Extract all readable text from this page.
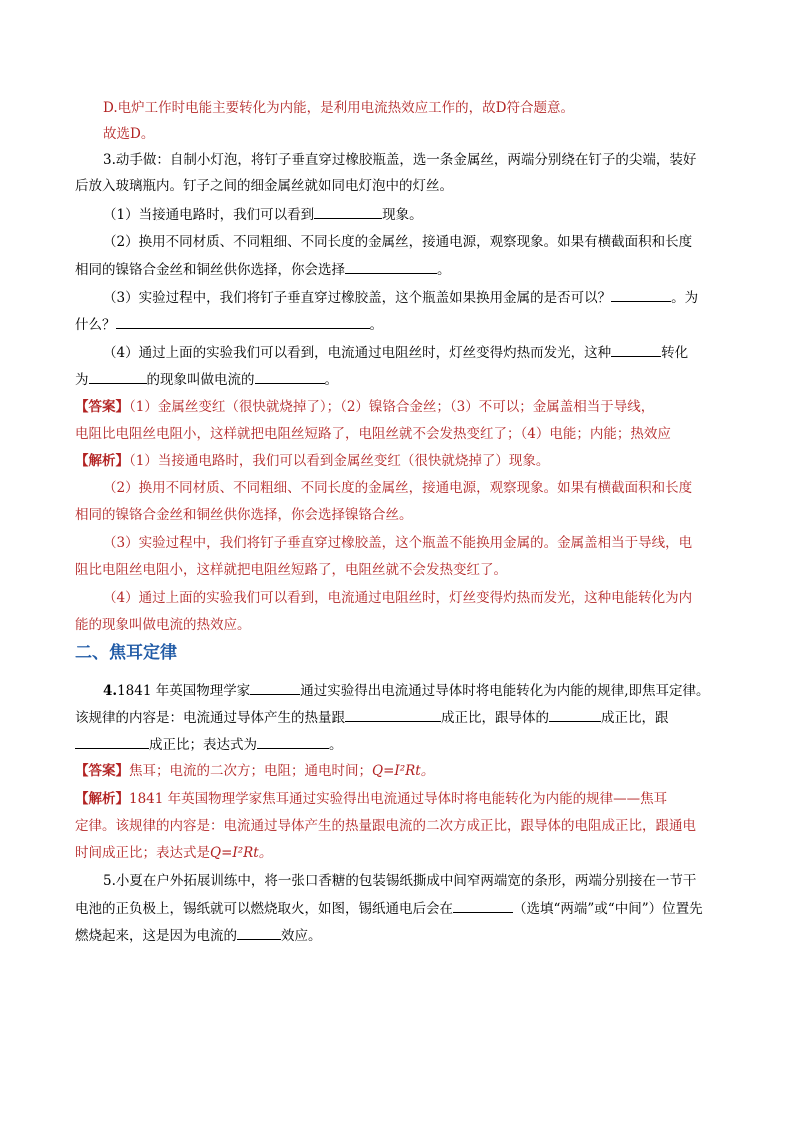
D.电炉工作时电能主要转化为内能，是利用电流热效应工作的，故D符合题意。
故选D。
3.动手做：自制小灯泡，将钉子垂直穿过橡胶瓶盖，选一条金属丝，两端分别绕在钉子的尖端，装好
后放入玻璃瓶内。钉子之间的细金属丝就如同电灯泡中的灯丝。
（1）当接通电路时，我们可以看到	现象。
（2）换用不同材质、不同粗细、不同长度的金属丝，接通电源，观察现象。如果有横截面积和长度
相同的镍铬合金丝和铜丝供你选择，你会选择	。
（3）实验过程中，我们将钉子垂直穿过橡胶盖，这个瓶盖如果换用金属的是否可以？	。为
什么？	。
（4）通过上面的实验我们可以看到，电流通过电阻丝时，灯丝变得灼热而发光，这种	转化
为	的现象叫做电流的	。
【答案】（1）金属丝变红（很快就烧掉了）；（2）镍铬合金丝；（3）不可以；金属盖相当于导线，
电阻比电阻丝电阻小，这样就把电阻丝短路了，电阻丝就不会发热变红了；（4）电能；内能；热效应
【解析】（1）当接通电路时，我们可以看到金属丝变红（很快就烧掉了）现象。
（2）换用不同材质、不同粗细、不同长度的金属丝，接通电源，观察现象。如果有横截面积和长度
相同的镍铬合金丝和铜丝供你选择，你会选择镍铬合丝。
（3）实验过程中，我们将钉子垂直穿过橡胶盖，这个瓶盖不能换用金属的。金属盖相当于导线，电
阻比电阻丝电阻小，这样就把电阻丝短路了，电阻丝就不会发热变红了。
（4）通过上面的实验我们可以看到，电流通过电阻丝时，灯丝变得灼热而发光，这种电能转化为内
能的现象叫做电流的热效应。
二、焦耳定律
4.1841 年英国物理学家	通过实验得出电流通过导体时将电能转化为内能的规律,即焦耳定律。
该规律的内容是：电流通过导体产生的热量跟	成正比，跟导体的	成正比，跟
成正比；表达式为	。
【答案】焦耳；电流的二次方；电阻；通电时间；Q=I²Rt。
【解析】1841 年英国物理学家焦耳通过实验得出电流通过导体时将电能转化为内能的规律——焦耳
定律。该规律的内容是：电流通过导体产生的热量跟电流的二次方成正比，跟导体的电阻成正比，跟通电
时间成正比；表达式是Q=I²Rt。
5.小夏在户外拓展训练中，将一张口香糖的包装锡纸撕成中间窄两端宽的条形，两端分别接在一节干
电池的正负极上，锡纸就可以燃烧取火，如图，锡纸通电后会在	（选填“两端”或“中间”）位置先
燃烧起来，这是因为电流的	效应。
